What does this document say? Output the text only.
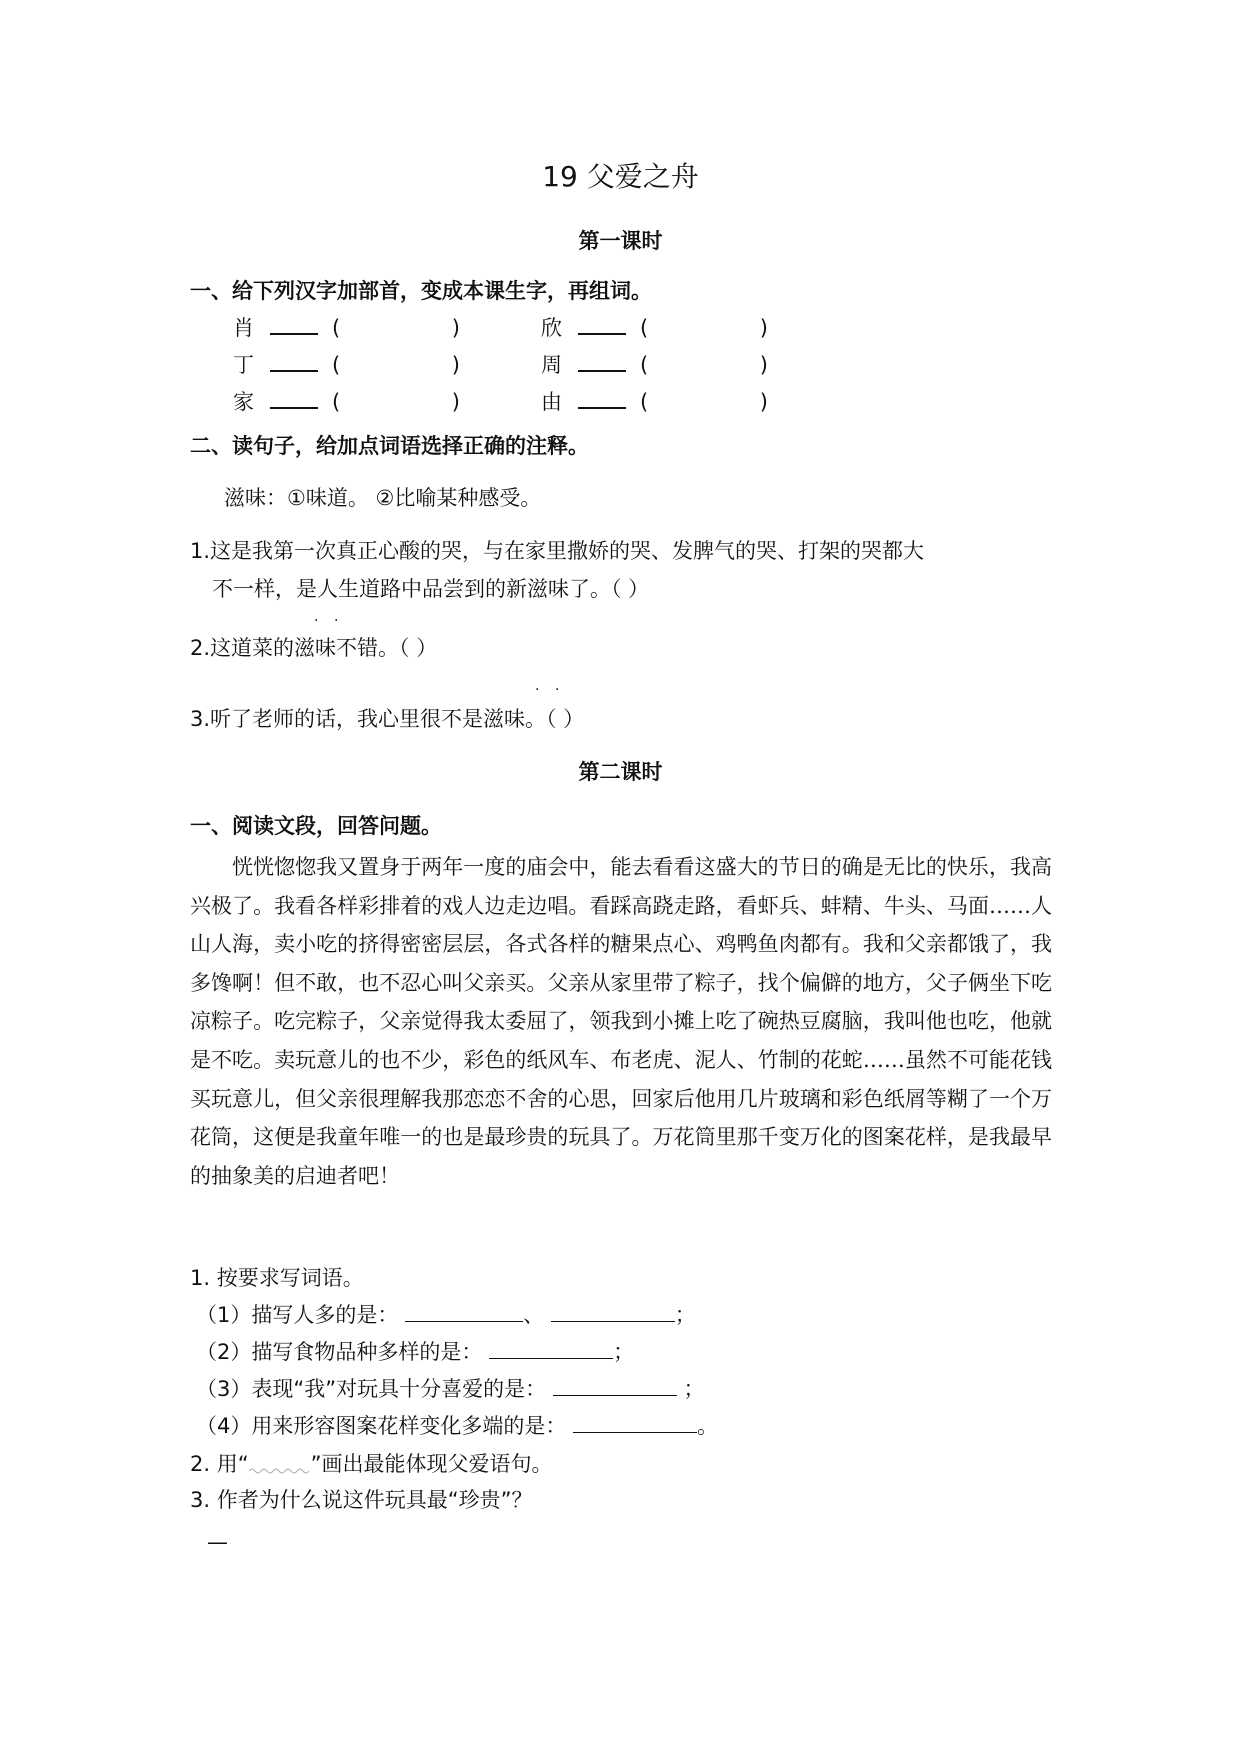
19 父爱之舟
第一课时
一、给下列汉字加部首，变成本课生字，再组词。
肖	(	)	欣	(	)
丁	(	)	周	(	)
家	(	)	由	(	)
二、读句子，给加点词语选择正确的注释。
滋味：①味道。 ②比喻某种感受。
1.这是我第一次真正心酸的哭，与在家里撒娇的哭、发脾气的哭、打架的哭都大
不一样，是人生道路中品尝到的新滋味了。（ ）
· ·
2.这道菜的滋味不错。（ ）
· ·
3.听了老师的话，我心里很不是滋味。（ ）
第二课时
一、阅读文段，回答问题。

恍恍惚惚我又置身于两年一度的庙会中，能去看看这盛大的节日的确是无比的快乐，我高兴极了。我看各样彩排着的戏人边走边唱。看踩高跷走路，看虾兵、蚌精、牛头、马面……人山人海，卖小吃的挤得密密层层，各式各样的糖果点心、鸡鸭鱼肉都有。我和父亲都饿了，我多馋啊！但不敢，也不忍心叫父亲买。父亲从家里带了粽子，找个偏僻的地方，父子俩坐下吃凉粽子。吃完粽子，父亲觉得我太委屈了，领我到小摊上吃了碗热豆腐脑，我叫他也吃，他就是不吃。卖玩意儿的也不少，彩色的纸风车、布老虎、泥人、竹制的花蛇……虽然不可能花钱买玩意儿，但父亲很理解我那恋恋不舍的心思，回家后他用几片玻璃和彩色纸屑等糊了一个万花筒，这便是我童年唯一的也是最珍贵的玩具了。万花筒里那千变万化的图案花样，是我最早的抽象美的启迪者吧！

1. 按要求写词语。
（1）描写人多的是：	、	；
（2）描写食物品种多样的是：	；
（3）表现“我”对玩具十分喜爱的是：	；
（4）用来形容图案花样变化多端的是：	。
2. 用“	”画出最能体现父爱语句。
3. 作者为什么说这件玩具最“珍贵”？
—
